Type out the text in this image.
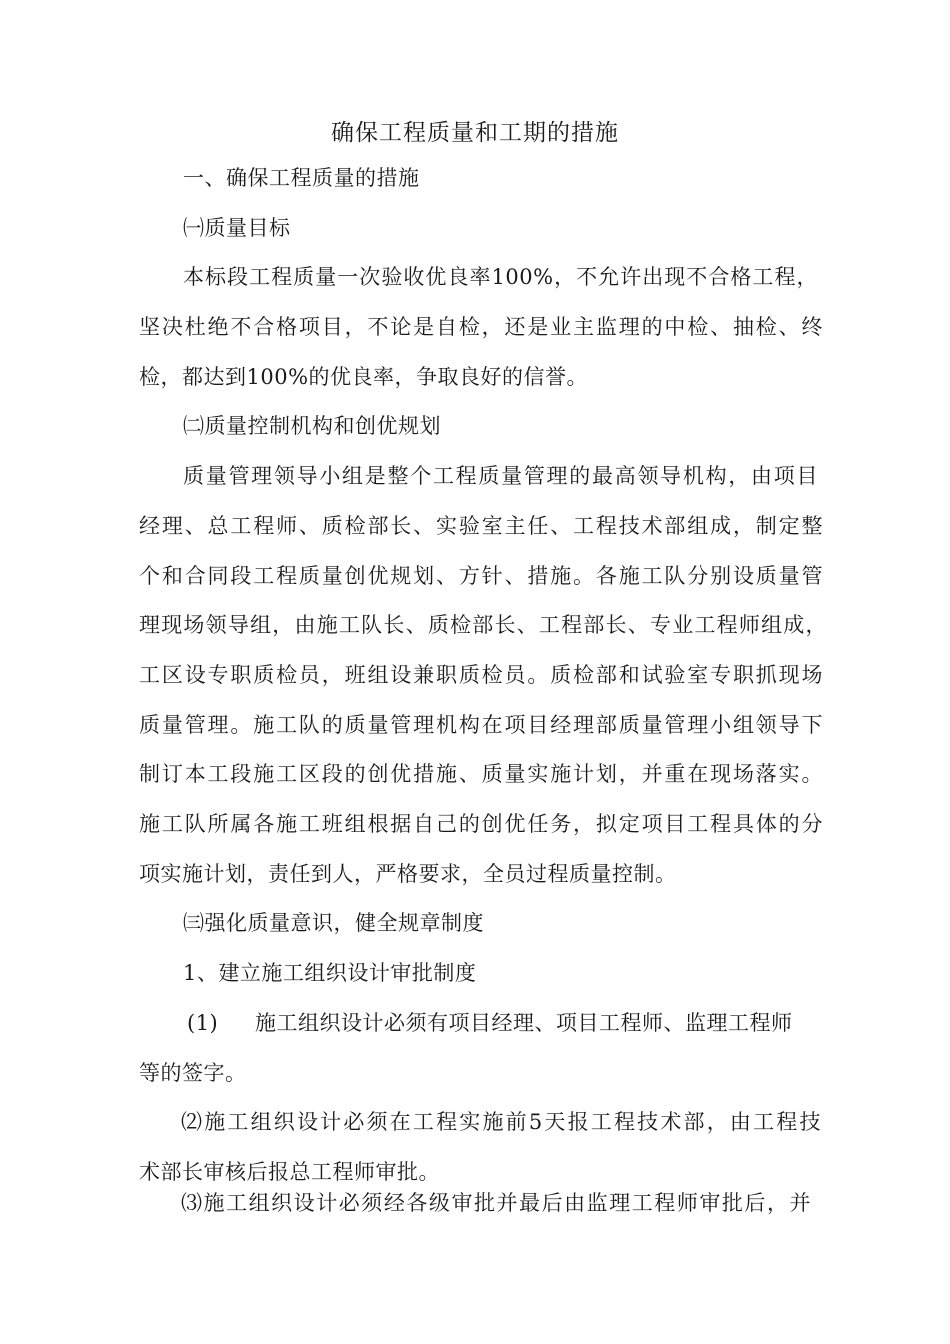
确保工程质量和工期的措施
一、确保工程质量的措施
㈠质量目标
本标段工程质量一次验收优良率100%，不允许出现不合格工程，
坚决杜绝不合格项目，不论是自检，还是业主监理的中检、抽检、终
检，都达到100%的优良率，争取良好的信誉。
㈡质量控制机构和创优规划
质量管理领导小组是整个工程质量管理的最高领导机构，由项目
经理、总工程师、质检部长、实验室主任、工程技术部组成，制定整
个和合同段工程质量创优规划、方针、措施。各施工队分别设质量管
理现场领导组，由施工队长、质检部长、工程部长、专业工程师组成，
工区设专职质检员，班组设兼职质检员。质检部和试验室专职抓现场
质量管理。施工队的质量管理机构在项目经理部质量管理小组领导下
制订本工段施工区段的创优措施、质量实施计划，并重在现场落实。
施工队所属各施工班组根据自己的创优任务，拟定项目工程具体的分
项实施计划，责任到人，严格要求，全员过程质量控制。
㈢强化质量意识，健全规章制度
1、建立施工组织设计审批制度
(1) 施工组织设计必须有项目经理、项目工程师、监理工程师
等的签字。
⑵施工组织设计必须在工程实施前5天报工程技术部，由工程技
术部长审核后报总工程师审批。
⑶施工组织设计必须经各级审批并最后由监理工程师审批后，并
